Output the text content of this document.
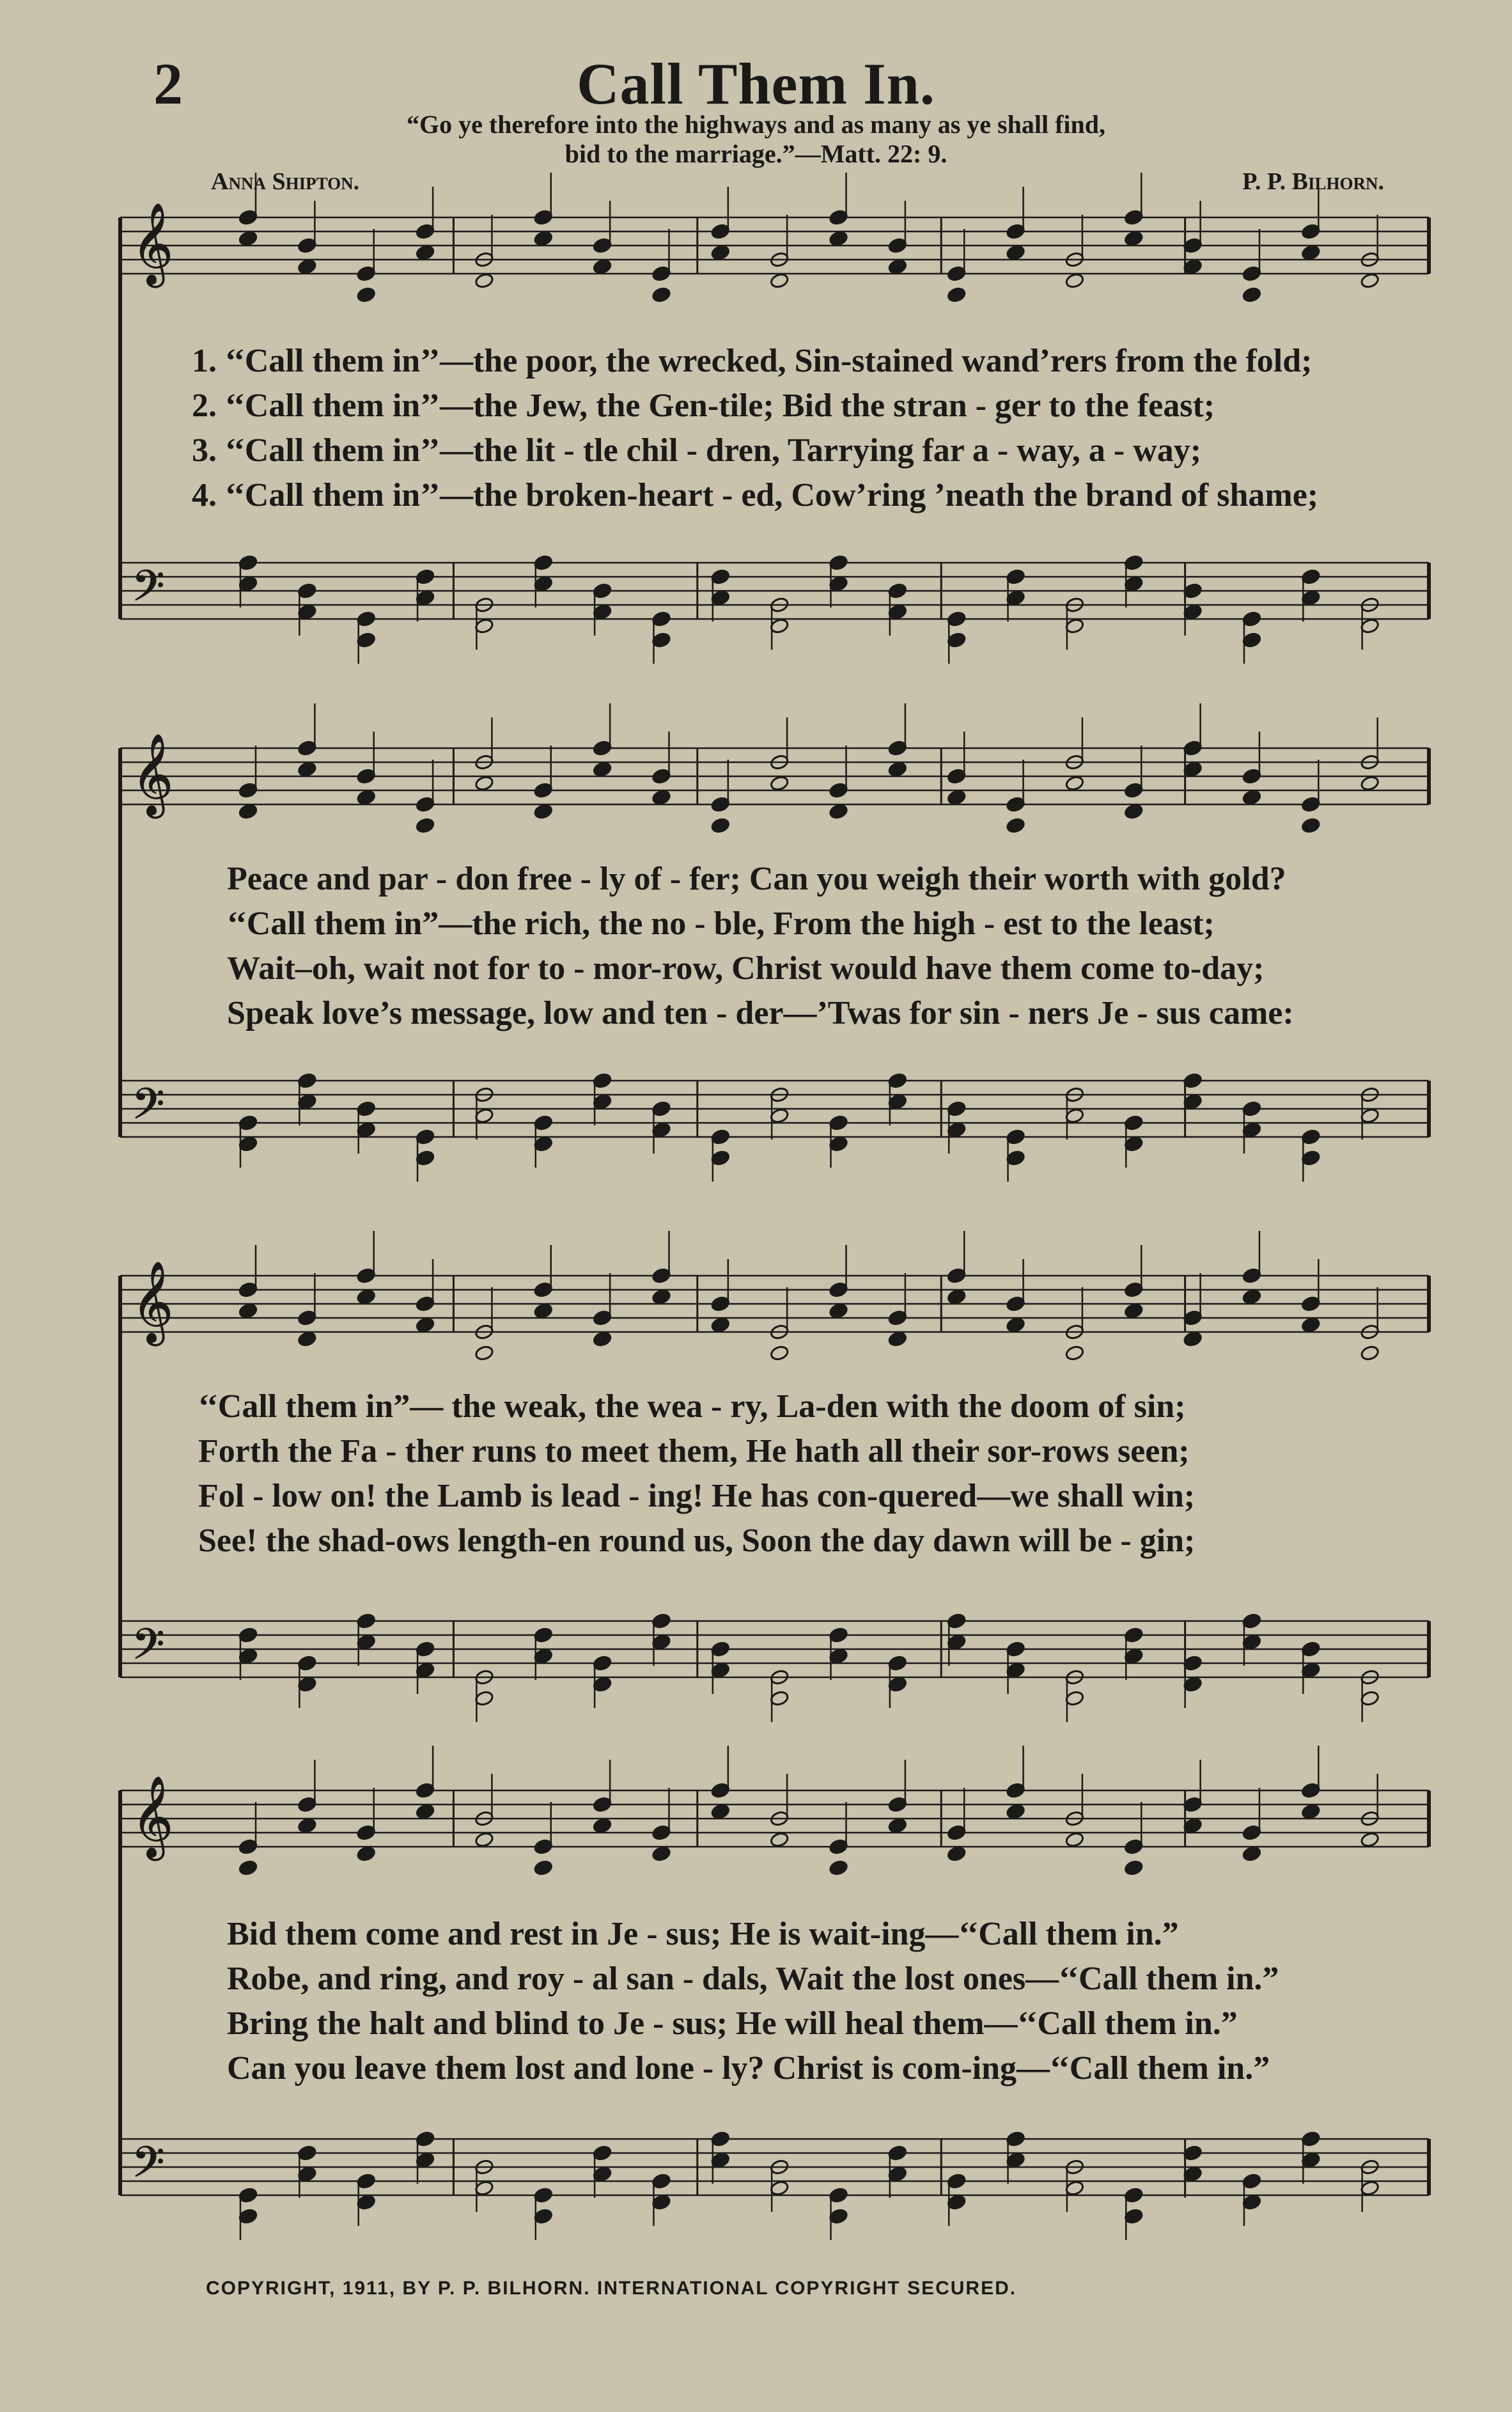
𝄞
𝄢
𝄞
𝄢
𝄞
𝄢
𝄞
𝄢
2	Call Them In.
“Go ye therefore into the highways and as many as ye shall find,
bid to the marriage.”—Matt. 22: 9.
Anna Shipton.	P. P. Bilhorn.
1. ‘‘Call them in’’—the poor, the wrecked, Sin-stained wand’rers from the fold;
2. ‘‘Call them in’’—the Jew, the Gen-tile; Bid the stran - ger to the feast;
3. ‘‘Call them in’’—the lit - tle chil - dren, Tarrying far a - way, a - way;
4. ‘‘Call them in’’—the broken-heart - ed, Cow’ring ’neath the brand of shame;
Peace and par - don free - ly of - fer; Can you weigh their worth with gold?
‘‘Call them in”—the rich, the no - ble, From the high - est to the least;
Wait–oh, wait not for to - mor-row, Christ would have them come to-day;
Speak love’s message, low and ten - der—’Twas for sin - ners Je - sus came:
‘‘Call them in”— the weak, the wea - ry, La-den with the doom of sin;
Forth the Fa - ther runs to meet them, He hath all their sor-rows seen;
Fol - low on! the Lamb is lead - ing! He has con-quered—we shall win;
See! the shad-ows length-en round us, Soon the day dawn will be - gin;
Bid them come and rest in Je - sus; He is wait-ing—‘‘Call them in.”
Robe, and ring, and roy - al san - dals, Wait the lost ones—‘‘Call them in.”
Bring the halt and blind to Je - sus; He will heal them—‘‘Call them in.”
Can you leave them lost and lone - ly? Christ is com-ing—‘‘Call them in.”
COPYRIGHT, 1911, BY P. P. BILHORN. INTERNATIONAL COPYRIGHT SECURED.
